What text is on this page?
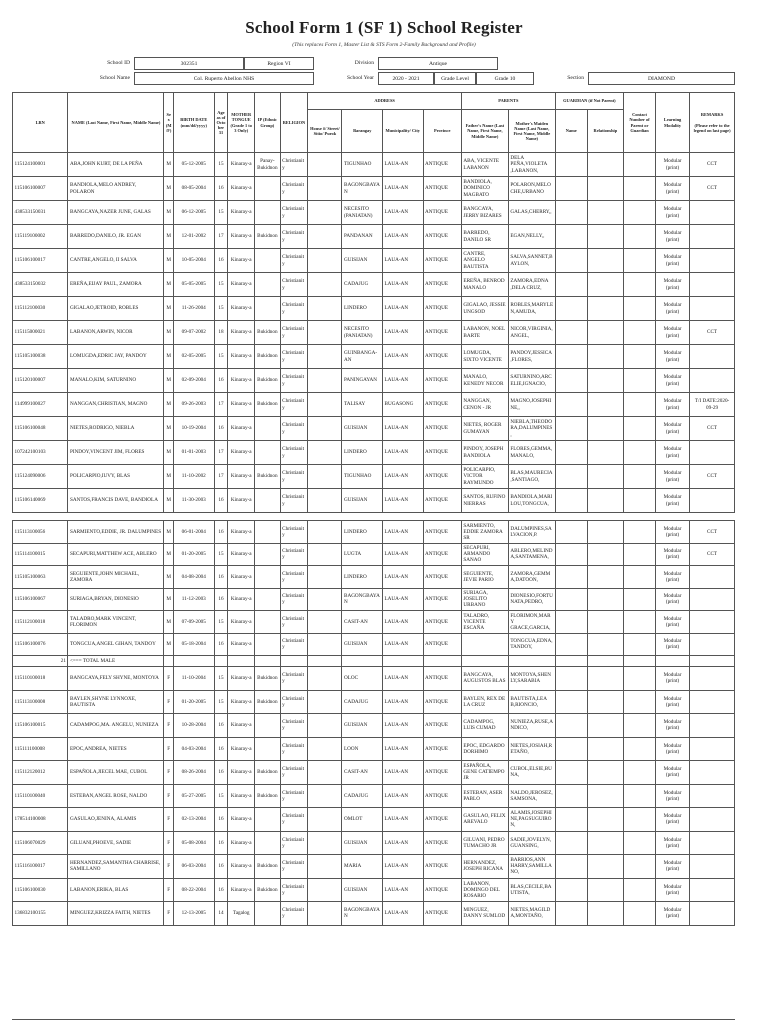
School Form 1 (SF 1) School Register
(This replaces Form 1, Master List & STS Form 2-Family Background and Profile)
School ID	302351	Region VI	Division	Antique
School Name	Col. Ruperto Abellon NHS	School Year	2020 - 2021	Grade Level	Grade 10	Section	DIAMOND
LRN	NAME (Last Name, First Name, Middle Name)	Sex (M/F)	BIRTH DATE (mm/dd/yyyy)	Age as of October 31	MOTHER TONGUE (Grade 1 to 3 Only)	IP (Ethnic Group)	RELIGION	ADDRESS				PARENTS		GUARDIAN (if Not Parent)		Contact Number of Parent or Guardian	Learning Modality	REMARKS

(Please refer to the legend on last page)
								House #/ Street/ Sitio/ Purok	Barangay	Municipality/ City	Province	Father's Name (Last Name, First Name, Middle Name)	Mother's Maiden Name (Last Name, First Name, Middle Name)	Name	Relationship			
115124100001	ABA,JOHN KURT, DE LA PEÑA	M	05-12-2005	15	Kinaray-a	Panay-Bukidnon	Christianity		TIGUNHAO	LAUA-AN	ANTIQUE	ABA, VICENTE LABANON	DELA PEÑA,VIOLETA ,LABANON,				Modular (print)	CCT
115106100007	BANDIOLA,MELO ANDREY, POLARON	M	08-05-2004	16	Kinaray-a		Christianity		BAGONGBAYAN	LAUA-AN	ANTIQUE	BANDIOLA, DOMINICO MAGBATO	POLARON,MELOCHE,URBANO				Modular (print)	CCT
438533150031	BANGCAYA,NAZER JUNE, GALAS	M	06-12-2005	15	Kinaray-a		Christianity		NECESITO (PANIATAN)	LAUA-AN	ANTIQUE	BANGCAYA, JERRY BIZARES	GALAS,CHERRY,,				Modular (print)	
115119100002	BARREDO,DANILO, JR. EGAN	M	12-01-2002	17	Kinaray-a	Bukidnon	Christianity		PANDANAN	LAUA-AN	ANTIQUE	BARREDO, DANILO SR	EGAN,NELLY,,				Modular (print)	
115106100017	CANTRE,ANGELO, II SALVA	M	10-05-2004	16	Kinaray-a		Christianity		GUISIJAN	LAUA-AN	ANTIQUE	CANTRE, ANGELO BAUTISTA	SALVA,SANNET,BAYLON,				Modular (print)	
438533150032	EREÑA,EIJAY PAUL, ZAMORA	M	05-05-2005	15	Kinaray-a		Christianity		CADAJUG	LAUA-AN	ANTIQUE	EREÑA, BENROD MANALO	ZAMORA,EDNA ,DELA CRUZ,				Modular (print)	
115112100030	GIGALAO,JETROID, ROBLES	M	11-26-2004	15	Kinaray-a		Christianity		LINDERO	LAUA-AN	ANTIQUE	GIGALAO, JESSIE UNGSOD	ROBLES,MARYLEN,AMUDA,				Modular (print)	
115115000021	LABANON,ARWIN, NICOR	M	09-07-2002	18	Kinaray-a	Bukidnon	Christianity		NECESITO (PANIATAN)	LAUA-AN	ANTIQUE	LABANON, NOEL BARTE	NICOR,VIRGINIA,ANGEL,				Modular (print)	CCT
115105100038	LOMUGDA,EDRIC JAY, PANDOY	M	02-05-2005	15	Kinaray-a	Bukidnon	Christianity		GUINBANGA-AN	LAUA-AN	ANTIQUE	LOMUGDA, SIXTO VICENTE	PANDOY,JESSICA,FLORES,				Modular (print)	
115120100007	MANALO,KIM, SATURNINO	M	02-09-2004	16	Kinaray-a	Bukidnon	Christianity		PANINGAYAN	LAUA-AN	ANTIQUE	MANALO, KENEDY NECOR	SATURNINO,ARCELIE,IGNACIO,				Modular (print)	
114999100027	NANGGAN,CHRISTIAN, MAGNO	M	09-26-2003	17	Kinaray-a	Bukidnon	Christianity		TALISAY	BUGASONG	ANTIQUE	NANGGAN, CENON - JR	MAGNO,JOSEPHINE,,				Modular (print)	T/I DATE:2020-09-29
115106100048	NIETES,RODRIGO, NIEBLA	M	10-19-2004	16	Kinaray-a		Christianity		GUISIJAN	LAUA-AN	ANTIQUE	NIETES, ROGER GUMAYAN	NIEBLA,THEODORA,DALUMPINES,				Modular (print)	CCT
107242100103	PINDOY,VINCENT JIM, FLORES	M	01-01-2003	17	Kinaray-a		Christianity		LINDERO	LAUA-AN	ANTIQUE	PINDOY, JOSEPH BANDIOLA	FLORES,GEMMA,MANALO,				Modular (print)	
115124090006	POLICARPIO,IUVY, BLAS	M	11-10-2002	17	Kinaray-a	Bukidnon	Christianity		TIGUNHAO	LAUA-AN	ANTIQUE	POLICARPIO, VICTOR RAYMUNDO	BLAS,MAURECIA,SANTIAGO,				Modular (print)	CCT
115106140069	SANTOS,FRANCIS DAVE, BANDIOLA	M	11-30-2003	16	Kinaray-a		Christianity		GUISIJAN	LAUA-AN	ANTIQUE	SANTOS, RUFINO NIERRAS	BANDIOLA,MARILOU,TONGCUA,				Modular (print)	
115113100056	SARMIENTO,EDDIE, JR. DALUMPINES	M	06-01-2004	16	Kinaray-a		Christianity		LINDERO	LAUA-AN	ANTIQUE	SARMIENTO, EDDIE ZAMORA SR	DALUMPINES,SALVACION,P.				Modular (print)	CCT
115114100015	SECAPURI,MATTHEW ACE, ABLERO	M	01-20-2005	15	Kinaray-a		Christianity		LUGTA	LAUA-AN	ANTIQUE	SECAPURI, ARMANDO SANAO	ABLERO,MELINDA,SANTAMENA,				Modular (print)	CCT
115105100063	SEGUIENTE,JOHN MICHAEL, ZAMORA	M	04-08-2004	16	Kinaray-a		Christianity		LINDERO	LAUA-AN	ANTIQUE	SEGUIENTE, JEVIE PARIO	ZAMORA,GEMMA,DATOON,				Modular (print)	
115106100067	SURIAGA,BRYAN, DIONESIO	M	11-12-2003	16	Kinaray-a		Christianity		BAGONGBAYAN	LAUA-AN	ANTIQUE	SURIAGA, JOSELITO URBANO	DIONESIO,FORTUNATA,PEDRO,				Modular (print)	
115112100018	TALADRO,MARK VINCENT, FLORIMON	M	07-09-2005	15	Kinaray-a		Christianity		CASIT-AN	LAUA-AN	ANTIQUE	TALADRO, VICENTE ESCAÑA	FLORIMON,MARY GRACE,GARCIA,				Modular (print)	
115106100076	TONGCUA,ANGEL GIHAN, TANDOY	M	05-18-2004	16	Kinaray-a		Christianity		GUISIJAN	LAUA-AN	ANTIQUE		TONGCUA,EDNA,TANDOY,				Modular (print)	
21	<=== TOTAL MALE																	
115110100018	BANGCAYA,FELY SHYNE, MONTOYA	F	11-10-2004	15	Kinaray-a	Bukidnon	Christianity		OLOC	LAUA-AN	ANTIQUE	BANGCAYA, AUGUSTOS BLAS	MONTOYA,SHENLY,SARABIA				Modular (print)	
115113100008	BAYLEN,SHYNE LYNNOXE, BAUTISTA	F	01-20-2005	15	Kinaray-a	Bukidnon	Christianity		CADAJUG	LAUA-AN	ANTIQUE	BAYLEN, REX DE LA CRUZ	BAUTISTA,LEA B,RIONCIO,				Modular (print)	
115106100015	CADAMPOG,MA. ANGELU, NUNIEZA	F	10-28-2004	16	Kinaray-a		Christianity		GUISIJAN	LAUA-AN	ANTIQUE	CADAMPOG, LUIS CUMAD	NUNIEZA,RUSE,ANDICO,				Modular (print)	
115111100008	EPOC,ANDREA, NIETES	F	04-03-2004	16	Kinaray-a		Christianity		LOON	LAUA-AN	ANTIQUE	EPOC, EDGARDO DORHIMO	NIETES,JOSIAH,RETAÑO,				Modular (print)	
115112120012	ESPAÑOLA,JIECEL MAE, CUBOL	F	08-26-2004	16	Kinaray-a	Bukidnon	Christianity		CASIT-AN	LAUA-AN	ANTIQUE	ESPAÑOLA, GENE CATIEMPO JR	CUBOL,ELSIE,BUNA,				Modular (print)	
115110100040	ESTEBAN,ANGEL ROSE, NALDO	F	05-27-2005	15	Kinaray-a	Bukidnon	Christianity		CADAJUG	LAUA-AN	ANTIQUE	ESTEBAN, ASER PABLO	NALDO,JEROSEZ,SAMSONA,				Modular (print)	
178514100008	GASULAO,JENINA, ALAMIS	F	02-13-2004	16	Kinaray-a		Christianity		OMLOT	LAUA-AN	ANTIQUE	GASULAO, FELIX AREVALO	ALAMIS,JOSEPHINE,PAGSUGUIRON,				Modular (print)	
115106070029	GILUANI,PHOEVE, SADIE	F	05-08-2004	16	Kinaray-a		Christianity		GUISIJAN	LAUA-AN	ANTIQUE	GILUANI, PEDRO TUMACHO JR	SADIE,JOVELYN,GUANSING,				Modular (print)	
115116100017	HERNANDEZ,SAMANTHA CHARRISE, SAMILLANO	F	06-03-2004	16	Kinaray-a	Bukidnon	Christianity		MARIA	LAUA-AN	ANTIQUE	HERNANDEZ, JOSEPH RICANA	BARRIOS,ANN HARRY,SAMILLANO,				Modular (print)	
115106100030	LABANON,ERIKA, BLAS	F	08-22-2004	16	Kinaray-a	Bukidnon	Christianity		GUISIJAN	LAUA-AN	ANTIQUE	LABANON, DOMINGO DEL ROSARIO	BLAS,CECILE,BAUTISTA,				Modular (print)	
136832100155	MINGUEZ,KRIZZA FAITH, NIETES	F	12-13-2005	14	Tagalog		Christianity		BAGONGBAYAN	LAUA-AN	ANTIQUE	MINGUEZ, DANNY SUMLOD	NIETES,MAGILDA,MONTAÑO,				Modular (print)	
